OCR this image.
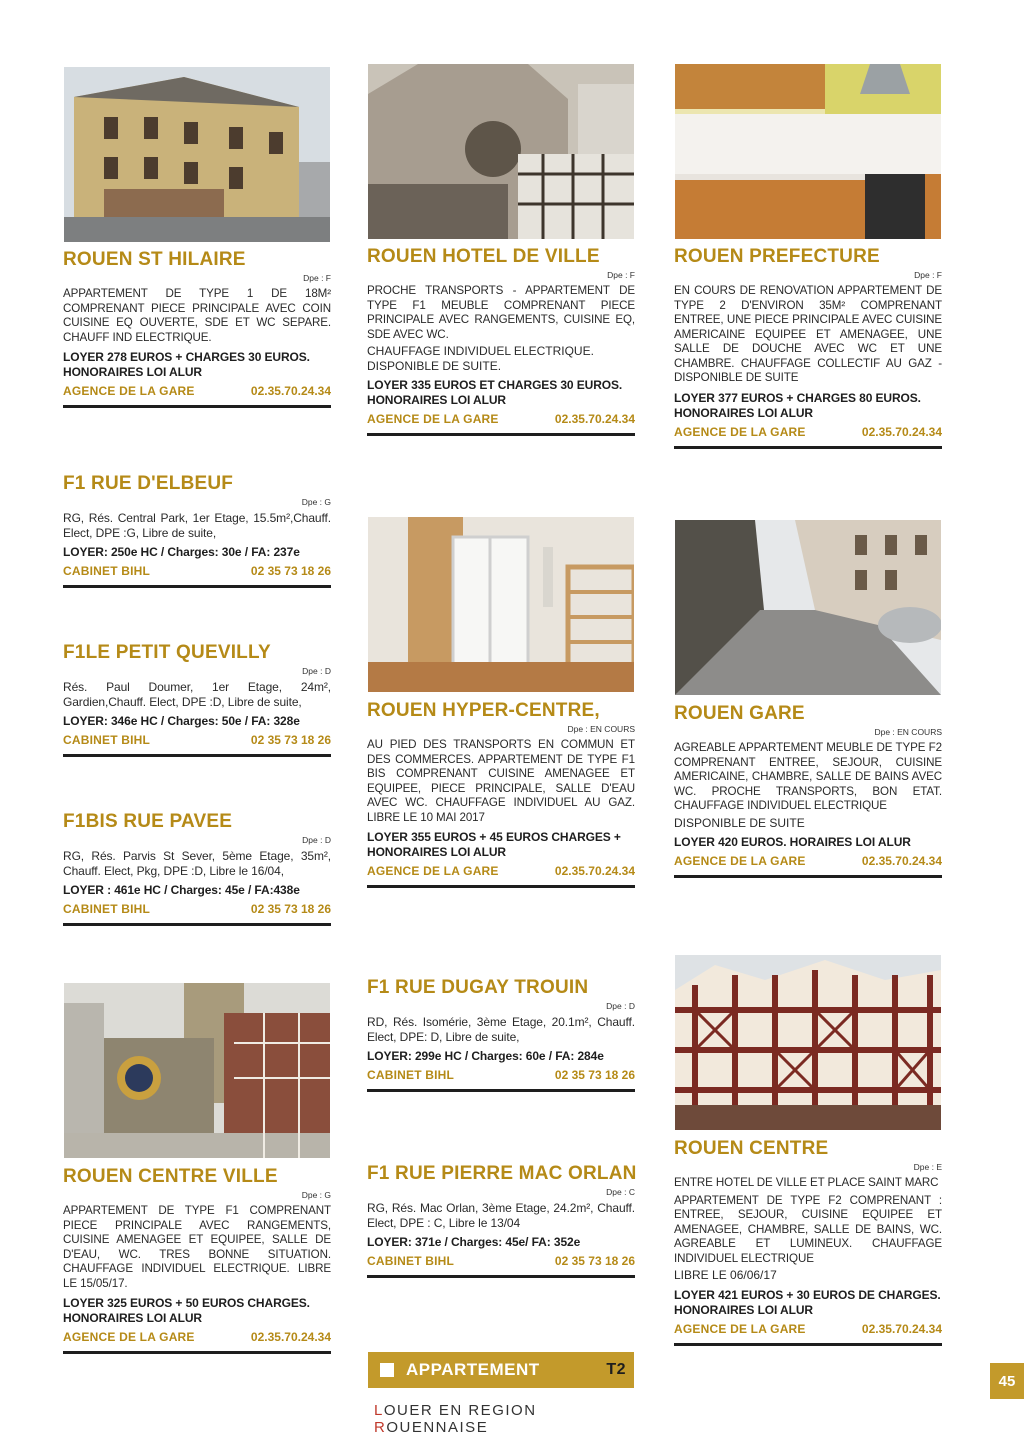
ROUEN ST HILAIRE
Dpe : F
APPARTEMENT DE TYPE 1 DE 18M² COMPRENANT PIECE PRINCIPALE AVEC COIN CUISINE EQ OUVERTE, SDE ET WC SEPARE. CHAUFF IND ELECTRIQUE.
LOYER 278 EUROS + CHARGES 30 EUROS. HONORAIRES LOI ALUR
AGENCE DE LA GARE	02.35.70.24.34
ROUEN HOTEL DE VILLE
Dpe : F
PROCHE TRANSPORTS - APPARTEMENT DE TYPE F1 MEUBLE COMPRENANT PIECE PRINCIPALE AVEC RANGEMENTS, CUISINE EQ, SDE AVEC WC.
CHAUFFAGE INDIVIDUEL ELECTRIQUE. DISPONIBLE DE SUITE.
LOYER 335 EUROS ET CHARGES 30 EUROS. HONORAIRES LOI ALUR
AGENCE DE LA GARE	02.35.70.24.34
ROUEN PREFECTURE
Dpe : F
EN COURS DE RENOVATION APPARTEMENT DE TYPE 2 D'ENVIRON 35M² COMPRENANT ENTREE, UNE PIECE PRINCIPALE AVEC CUISINE AMERICAINE EQUIPEE ET AMENAGEE, UNE SALLE DE DOUCHE AVEC WC ET UNE CHAMBRE. CHAUFFAGE COLLECTIF AU GAZ - DISPONIBLE DE SUITE
LOYER 377 EUROS + CHARGES 80 EUROS. HONORAIRES LOI ALUR
AGENCE DE LA GARE	02.35.70.24.34
F1 RUE D'ELBEUF
Dpe : G
RG, Rés. Central Park, 1er Etage, 15.5m²,Chauff. Elect, DPE :G, Libre de suite,
LOYER: 250e HC / Charges: 30e / FA: 237e
CABINET BIHL	02 35 73 18 26
F1LE PETIT QUEVILLY
Dpe : D
Rés. Paul Doumer, 1er Etage, 24m², Gardien,Chauff. Elect, DPE :D, Libre de suite,
LOYER: 346e HC / Charges: 50e / FA: 328e
CABINET BIHL	02 35 73 18 26
F1BIS RUE PAVEE
Dpe : D
RG, Rés. Parvis St Sever, 5ème Etage, 35m², Chauff. Elect, Pkg, DPE :D, Libre le 16/04,
LOYER : 461e HC / Charges: 45e / FA:438e
CABINET BIHL	02 35 73 18 26
ROUEN HYPER-CENTRE,
Dpe : EN COURS
AU PIED DES TRANSPORTS EN COMMUN ET DES COMMERCES. APPARTEMENT DE TYPE F1 BIS COMPRENANT CUISINE AMENAGEE ET EQUIPEE, PIECE PRINCIPALE, SALLE D'EAU AVEC WC. CHAUFFAGE INDIVIDUEL AU GAZ. LIBRE LE 10 MAI 2017
LOYER 355 EUROS + 45 EUROS CHARGES + HONORAIRES LOI ALUR
AGENCE DE LA GARE	02.35.70.24.34
ROUEN GARE
Dpe : EN COURS
AGREABLE APPARTEMENT MEUBLE DE TYPE F2 COMPRENANT ENTREE, SEJOUR, CUISINE AMERICAINE, CHAMBRE, SALLE DE BAINS AVEC WC. PROCHE TRANSPORTS, BON ETAT. CHAUFFAGE INDIVIDUEL ELECTRIQUE
DISPONIBLE DE SUITE
LOYER 420 EUROS. HORAIRES LOI ALUR
AGENCE DE LA GARE	02.35.70.24.34
F1 RUE DUGAY TROUIN
Dpe : D
RD, Rés. Isomérie, 3ème Etage, 20.1m², Chauff. Elect, DPE: D, Libre de suite,
LOYER: 299e HC / Charges: 60e / FA: 284e
CABINET BIHL	02 35 73 18 26
ROUEN CENTRE VILLE
Dpe : G
APPARTEMENT DE TYPE F1 COMPRENANT PIECE PRINCIPALE AVEC RANGEMENTS, CUISINE AMENAGEE ET EQUIPEE, SALLE DE D'EAU, WC. TRES BONNE SITUATION. CHAUFFAGE INDIVIDUEL ELECTRIQUE. LIBRE LE 15/05/17.
LOYER 325 EUROS + 50 EUROS CHARGES. HONORAIRES LOI ALUR
AGENCE DE LA GARE	02.35.70.24.34
F1 RUE PIERRE MAC ORLAN
Dpe : C
RG, Rés. Mac Orlan, 3ème Etage, 24.2m², Chauff. Elect, DPE : C, Libre le 13/04
LOYER: 371e / Charges: 45e/ FA: 352e
CABINET BIHL	02 35 73 18 26
ROUEN CENTRE
Dpe : E
ENTRE HOTEL DE VILLE ET PLACE SAINT MARC
APPARTEMENT DE TYPE F2 COMPRENANT : ENTREE, SEJOUR, CUISINE EQUIPEE ET AMENAGEE, CHAMBRE, SALLE DE BAINS, WC. AGREABLE ET LUMINEUX. CHAUFFAGE INDIVIDUEL ELECTRIQUE
LIBRE LE 06/06/17
LOYER 421 EUROS + 30 EUROS DE CHARGES. HONORAIRES LOI ALUR
AGENCE DE LA GARE	02.35.70.24.34
APPARTEMENT	T2
LOUER EN REGION ROUENNAISE
45
